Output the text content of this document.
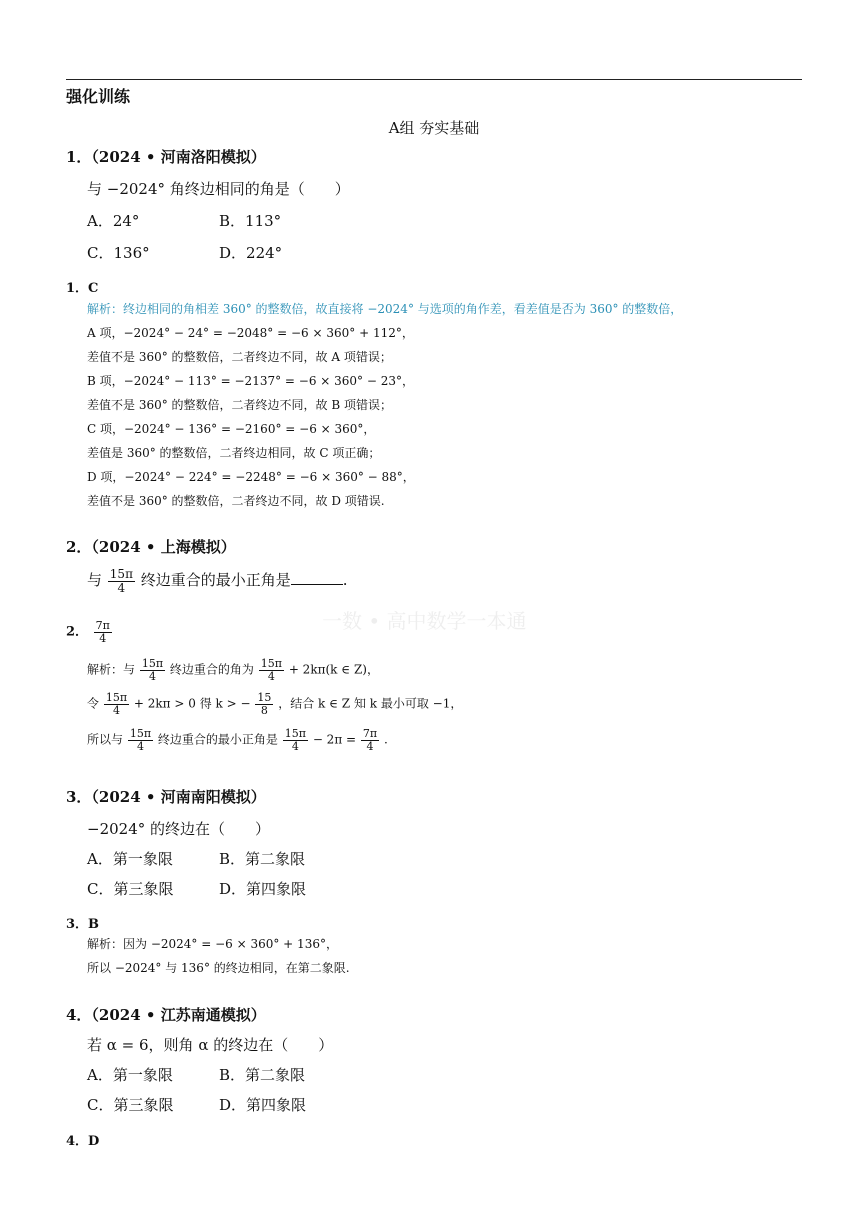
强化训练
A组 夯实基础
1．（2024 • 河南洛阳模拟）
与 −2024° 角终边相同的角是（　　）
A．24°	B．113°
C．136°	D．224°
1．C
解析：终边相同的角相差 360° 的整数倍，故直接将 −2024° 与选项的角作差，看差值是否为 360° 的整数倍，
A 项，−2024° − 24° = −2048° = −6 × 360° + 112°，
差值不是 360° 的整数倍，二者终边不同，故 A 项错误；
B 项，−2024° − 113° = −2137° = −6 × 360° − 23°，
差值不是 360° 的整数倍，二者终边不同，故 B 项错误；
C 项，−2024° − 136° = −2160° = −6 × 360°，
差值是 360° 的整数倍，二者终边相同，故 C 项正确；
D 项，−2024° − 224° = −2248° = −6 × 360° − 88°，
差值不是 360° 的整数倍，二者终边不同，故 D 项错误.
2．（2024 • 上海模拟）
与 $\frac{15\pi}{4}$ 终边重合的最小正角是	.
2． $\frac{7\pi}{4}$
解析：与 $\frac{15\pi}{4}$ 终边重合的角为 $\frac{15\pi}{4} + 2k\pi(k$ ∈ Z)，
令 $\frac{15\pi}{4} + 2k\pi > 0$ 得 k > − $\frac{15}{8}$ ，结合 k ∈ Z 知 k 最小可取 −1，
所以与 $\frac{15\pi}{4}$ 终边重合的最小正角是 $\frac{15\pi}{4} - 2\pi = \frac{7\pi}{4}$ .
一数 • 高中数学一本通
3．（2024 • 河南南阳模拟）
−2024° 的终边在（　　）
A．第一象限	B．第二象限
C．第三象限	D．第四象限
3．B
解析：因为 −2024° = −6 × 360° + 136°，
所以 −2024° 与 136° 的终边相同，在第二象限.
4．（2024 • 江苏南通模拟）
若 α = 6，则角 α 的终边在（　　）
A．第一象限	B．第二象限
C．第三象限	D．第四象限
4．D
